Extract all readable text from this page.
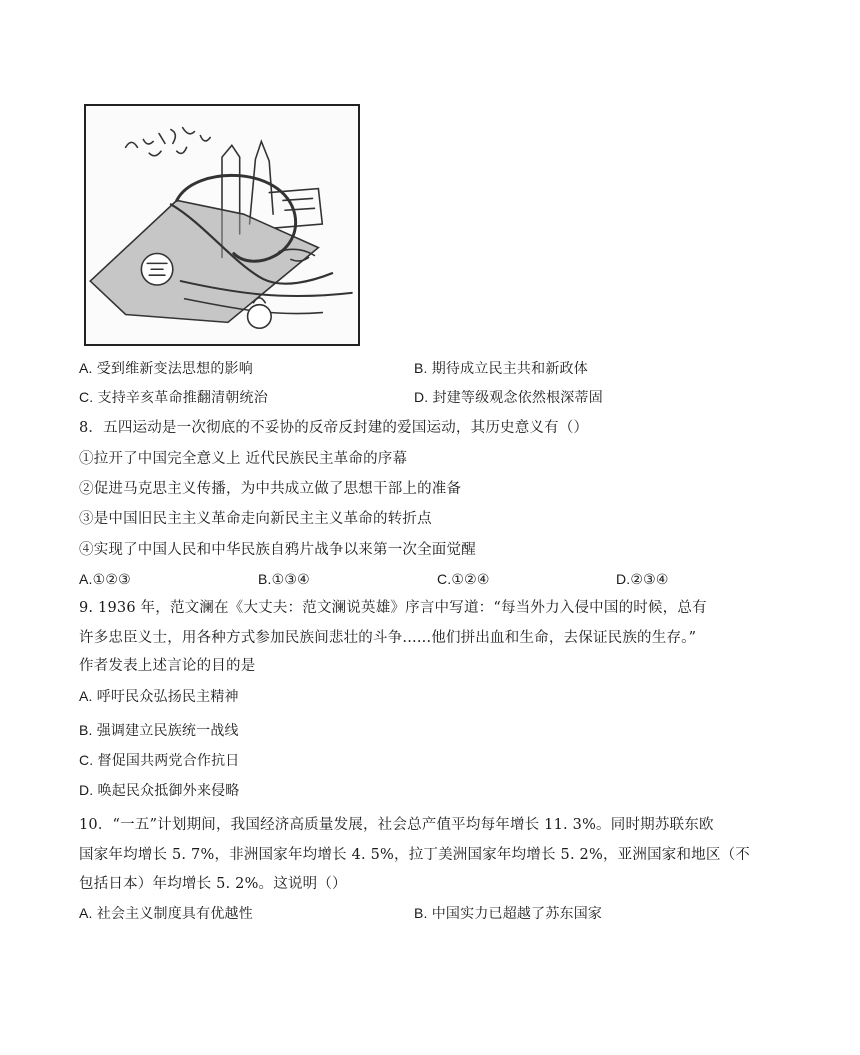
A. 受到维新变法思想的影响	B. 期待成立民主共和新政体
C. 支持辛亥革命推翻清朝统治	D. 封建等级观念依然根深蒂固
8．五四运动是一次彻底的不妥协的反帝反封建的爱国运动，其历史意义有（）
①拉开了中国完全意义上 近代民族民主革命的序幕
②促进马克思主义传播，为中共成立做了思想干部上的准备
③是中国旧民主主义革命走向新民主主义革命的转折点
④实现了中国人民和中华民族自鸦片战争以来第一次全面觉醒
A.①②③	B.①③④	C.①②④	D.②③④
9. 1936 年，范文澜在《大丈夫：范文澜说英雄》序言中写道：“每当外力入侵中国的时候，总有
许多忠臣义士，用各种方式参加民族间悲壮的斗争......他们拼出血和生命，去保证民族的生存。”
作者发表上述言论的目的是
A. 呼吁民众弘扬民主精神
B. 强调建立民族统一战线
C. 督促国共两党合作抗日
D. 唤起民众抵御外来侵略
10．“一五”计划期间，我国经济高质量发展，社会总产值平均每年增长 11. 3%。同时期苏联东欧
国家年均增长 5. 7%，非洲国家年均增长 4. 5%，拉丁美洲国家年均增长 5. 2%，亚洲国家和地区（不
包括日本）年均增长 5. 2%。这说明（）
A. 社会主义制度具有优越性	B. 中国实力已超越了苏东国家
